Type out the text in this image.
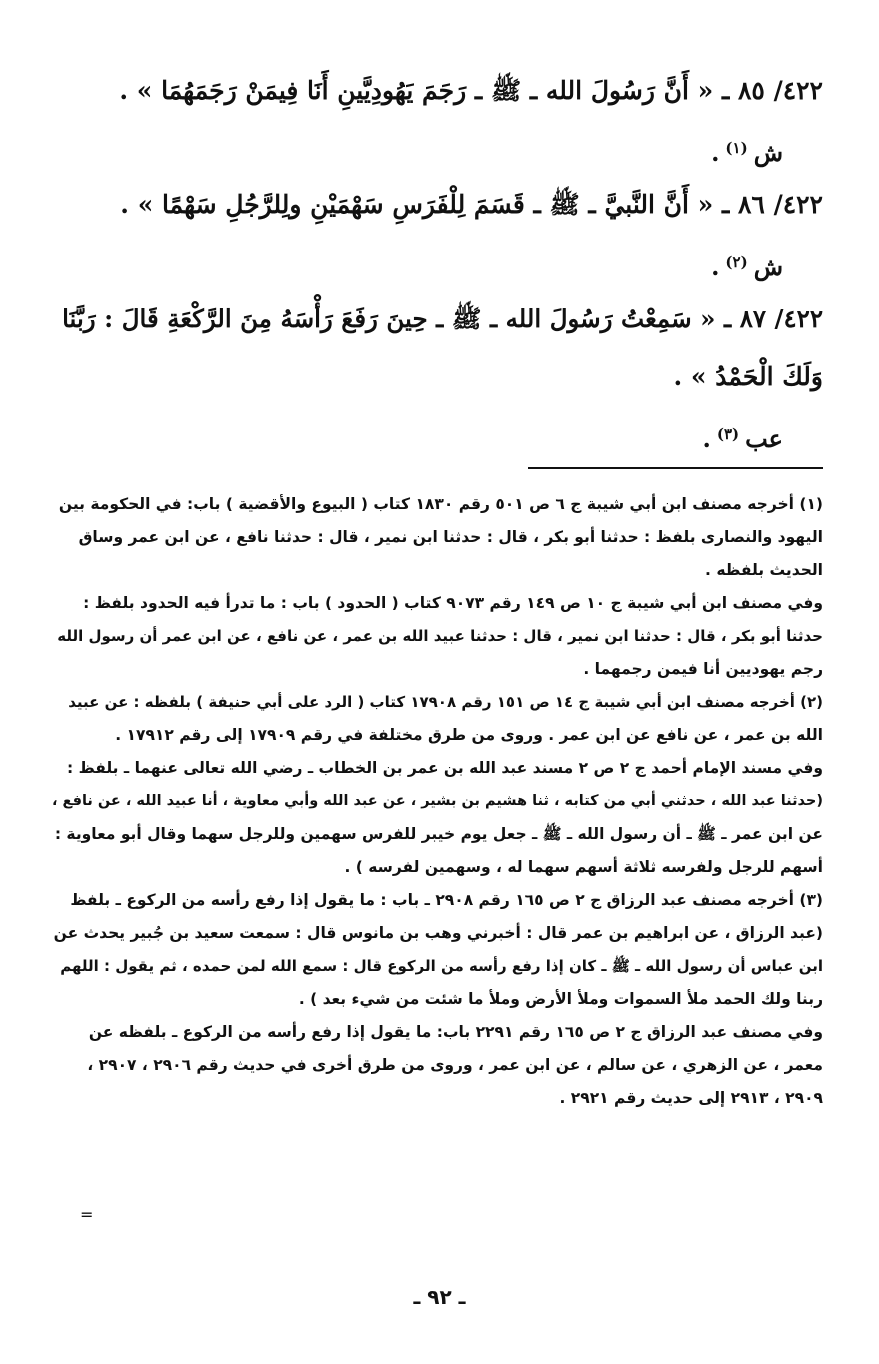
٤٢٢/ ٨٥ ـ « أَنَّ رَسُولَ الله ـ ﷺ ـ رَجَمَ يَهُودِيَّينِ أَنَا فِيمَنْ رَجَمَهُمَا » .
ش$^{(١)}$.
٤٢٢/ ٨٦ ـ « أَنَّ النَّبيَّ ـ ﷺ ـ قَسَمَ لِلْفَرَسِ سَهْمَيْنِ ولِلرَّجُلِ سَهْمًا » .
ش$^{(٢)}$.
٤٢٢/ ٨٧ ـ « سَمِعْتُ رَسُولَ الله ـ ﷺ ـ حِينَ رَفَعَ رَأْسَهُ مِنَ الرَّكْعَةِ قَالَ : رَبَّنَا
وَلَكَ الْحَمْدُ » .
عب$^{(٣)}$.
(١) أخرجه مصنف ابن أبي شيبة ج ٦ ص ٥٠١ رقم ١٨٣٠ كتاب ( البيوع والأقضية ) باب: في الحكومة بين
اليهود والنصارى بلفظ : حدثنا أبو بكر ، قال : حدثنا ابن نمير ، قال : حدثنا نافع ، عن ابن عمر وساق
الحديث بلفظه .
وفي مصنف ابن أبي شيبة ج ١٠ ص ١٤٩ رقم ٩٠٧٣ كتاب ( الحدود ) باب : ما تدرأ فيه الحدود بلفظ :
حدثنا أبو بكر ، قال : حدثنا ابن نمير ، قال : حدثنا عبيد الله بن عمر ، عن نافع ، عن ابن عمر أن رسول الله
رجم يهوديين أنا فيمن رجمهما .
(٢) أخرجه مصنف ابن أبي شيبة ج ١٤ ص ١٥١ رقم ١٧٩٠٨ كتاب ( الرد على أبي حنيفة ) بلفظه : عن عبيد
الله بن عمر ، عن نافع عن ابن عمر . وروى من طرق مختلفة في رقم ١٧٩٠٩ إلى رقم ١٧٩١٢ .
وفي مسند الإمام أحمد ج ٢ ص ٢ مسند عبد الله بن عمر بن الخطاب ـ رضي الله تعالى عنهما ـ بلفظ :
(حدثنا عبد الله ، حدثني أبي من كتابه ، ثنا هشيم بن بشير ، عن عبد الله وأبي معاوية ، أنا عبيد الله ، عن نافع ،
عن ابن عمر ـ ﷺ ـ أن رسول الله ـ ﷺ ـ جعل يوم خيبر للفرس سهمين وللرجل سهما وقال أبو معاوية :
أسهم للرجل ولفرسه ثلاثة أسهم سهما له ، وسهمين لفرسه ) .
(٣) أخرجه مصنف عبد الرزاق ج ٢ ص ١٦٥ رقم ٢٩٠٨ ـ باب : ما يقول إذا رفع رأسه من الركوع ـ بلفظ
(عبد الرزاق ، عن ابراهيم بن عمر قال : أخبرني وهب بن مانوس قال : سمعت سعيد بن جُبير يحدث عن
ابن عباس أن رسول الله ـ ﷺ ـ كان إذا رفع رأسه من الركوع قال : سمع الله لمن حمده ، ثم يقول : اللهم
ربنا ولك الحمد ملأ السموات وملأ الأرض وملأ ما شئت من شيء بعد ) .
وفي مصنف عبد الرزاق ج ٢ ص ١٦٥ رقم ٢٢٩١ باب: ما يقول إذا رفع رأسه من الركوع ـ بلفظه عن
معمر ، عن الزهري ، عن سالم ، عن ابن عمر ، وروى من طرق أخرى في حديث رقم ٢٩٠٦ ، ٢٩٠٧ ،
٢٩٠٩ ، ٢٩١٣ إلى حديث رقم ٢٩٢١ .
=
ـ ٩٢ ـ
